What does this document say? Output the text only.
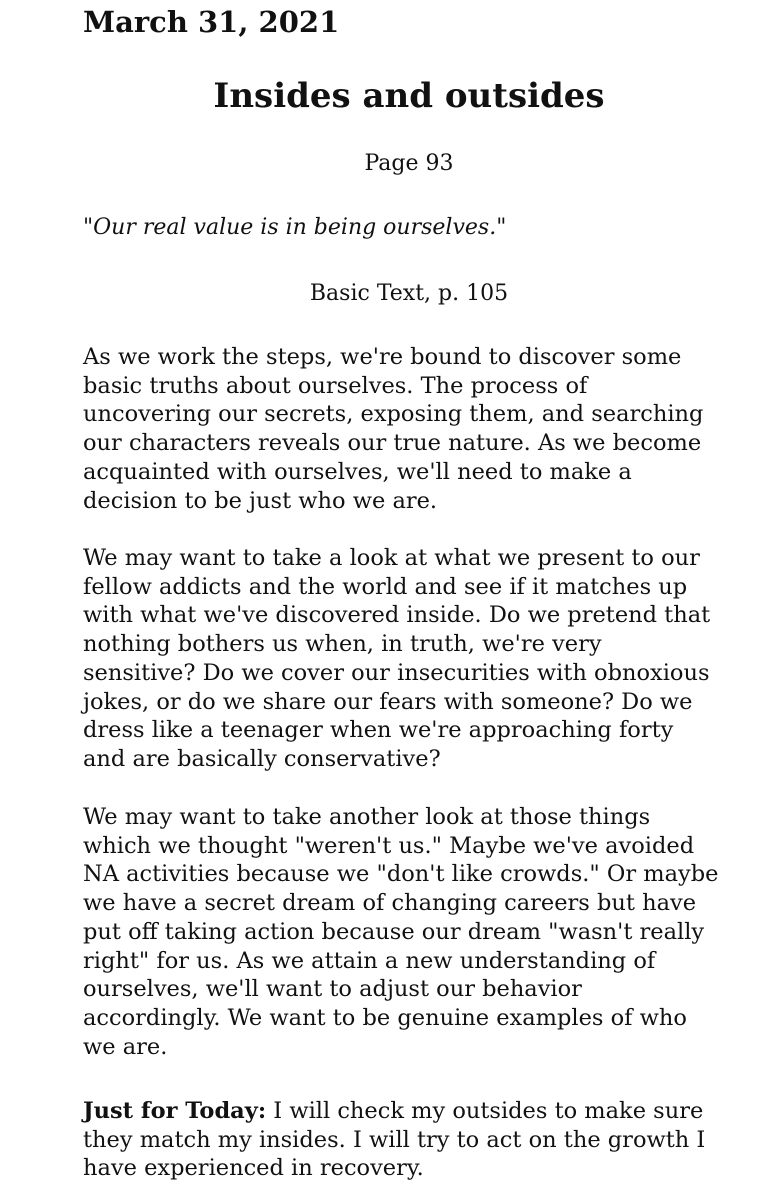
March 31, 2021
Insides and outsides
Page 93
"Our real value is in being ourselves."
Basic Text, p. 105
As we work the steps, we're bound to discover some
basic truths about ourselves. The process of
uncovering our secrets, exposing them, and searching
our characters reveals our true nature. As we become
acquainted with ourselves, we'll need to make a
decision to be just who we are.
We may want to take a look at what we present to our
fellow addicts and the world and see if it matches up
with what we've discovered inside. Do we pretend that
nothing bothers us when, in truth, we're very
sensitive? Do we cover our insecurities with obnoxious
jokes, or do we share our fears with someone? Do we
dress like a teenager when we're approaching forty
and are basically conservative?
We may want to take another look at those things
which we thought "weren't us." Maybe we've avoided
NA activities because we "don't like crowds." Or maybe
we have a secret dream of changing careers but have
put off taking action because our dream "wasn't really
right" for us. As we attain a new understanding of
ourselves, we'll want to adjust our behavior
accordingly. We want to be genuine examples of who
we are.
Just for Today: I will check my outsides to make sure
they match my insides. I will try to act on the growth I
have experienced in recovery.
